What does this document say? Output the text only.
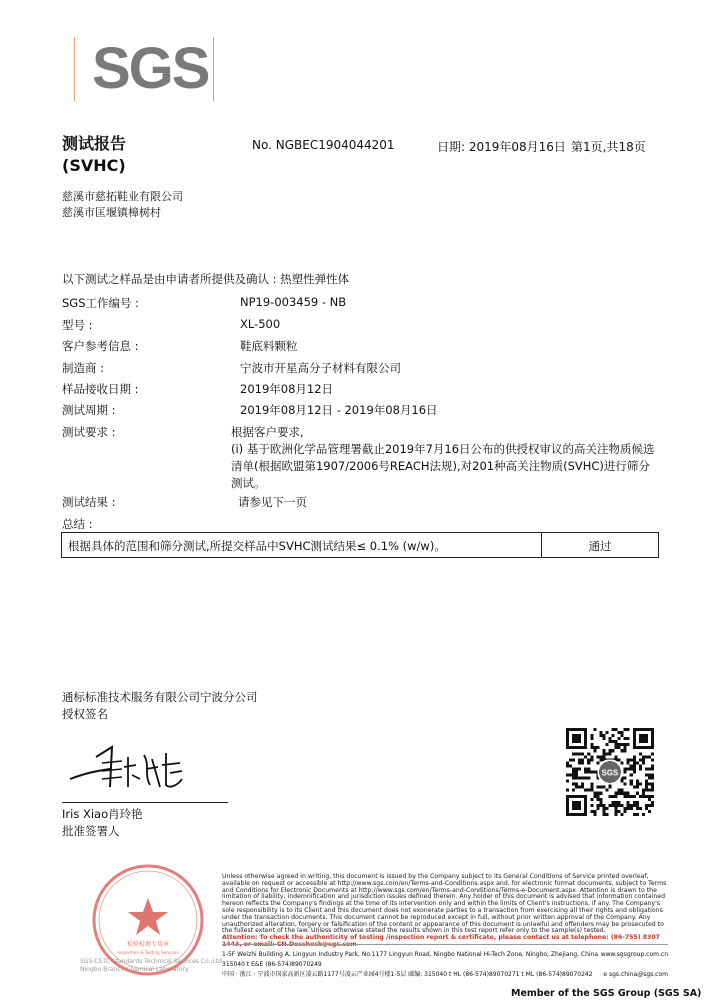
SGS
测试报告
(SVHC)
No. NGBEC1904044201	日期: 2019年08月16日 第1页,共18页
慈溪市慈拓鞋业有限公司
慈溪市匡堰镇樟树村
以下测试之样品是由申请者所提供及确认 : 热塑性弹性体
SGS工作编号 :	NP19-003459 - NB
型号 :	XL-500
客户参考信息 :	鞋底料颗粒
制造商 :	宁波市开星高分子材料有限公司
样品接收日期 :	2019年08月12日
测试周期 :	2019年08月12日 - 2019年08月16日
测试要求 :	根据客户要求,
(i) 基于欧洲化学品管理署截止2019年7月16日公布的供授权审议的高关注物质候选
清单(根据欧盟第1907/2006号REACH法规),对201种高关注物质(SVHC)进行筛分
测试。
测试结果 :	请参见下一页
总结 :
根据具体的范围和筛分测试,所提交样品中SVHC测试结果≤ 0.1% (w/w)。	通过
通标标准技术服务有限公司宁波分公司
授权签名
Iris Xiao肖玲艳
批准签署人
SGS
检验检测专用章
Inspection & Testing Services
SGS-CSTC Standards Technical Services Co.,Ltd.
Ningbo Branch Chemical Laboratory
Unless otherwise agreed in writing, this document is issued by the Company subject to its General Conditions of Service printed overleaf, available on request or accessible at http://www.sgs.com/en/Terms-and-Conditions.aspx and, for electronic format documents, subject to Terms and Conditions for Electronic Documents at http://www.sgs.com/en/Terms-and-Conditions/Terms-e-Document.aspx. Attention is drawn to the limitation of liability, indemnification and jurisdiction issues defined therein. Any holder of this document is advised that information contained hereon reflects the Company's findings at the time of its intervention only and within the limits of Client's instructions, if any. The Company's sole responsibility is to its Client and this document does not exonerate parties to a transaction from exercising all their rights and obligations under the transaction documents. This document cannot be reproduced except in full, without prior written approval of the Company. Any unauthorized alteration, forgery or falsification of the content or appearance of this document is unlawful and offenders may be prosecuted to the fullest extent of the law. Unless otherwise stated the results shown in this test report refer only to the sample(s) tested.
Attention: To check the authenticity of testing /inspection report & certificate, please contact us at telephone: (86-755) 8307 1443, or email: CN.Doccheck@sgs.com
1-5F Weizhi Building A, Lingyun Industry Park, No.1177 Lingyun Road, Ningbo National Hi-Tech Zone, Ningbo, Zhejiang, China 315040 t E&E (86-574)89070249
www.sgsgroup.com.cn
中国 · 浙江 · 宁波市国家高新区凌云路1177号凌云产业园4号楼1-5层 邮编: 315040 t HL (86-574)89070271 t ML (86-574)89070242 e sgs.china@sgs.com
Member of the SGS Group (SGS SA)
